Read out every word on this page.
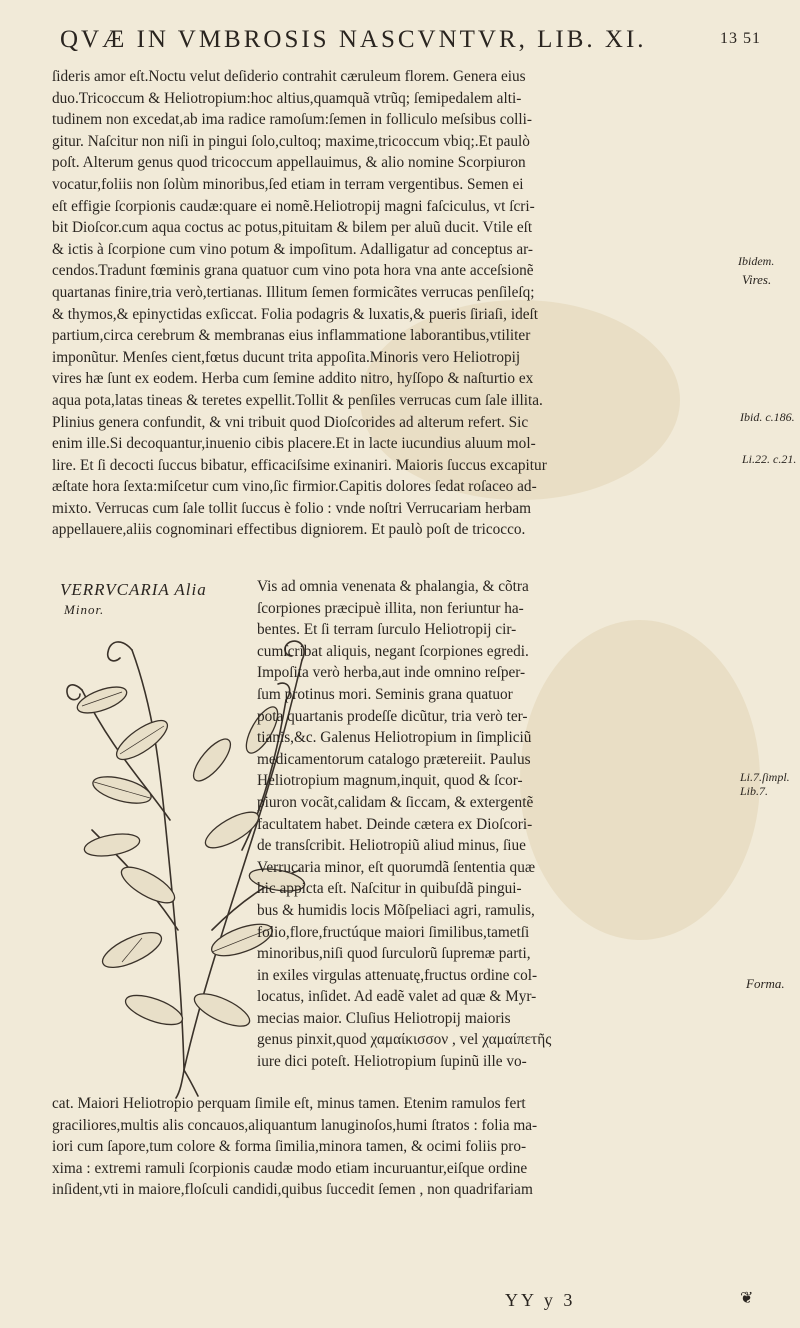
QVÆ IN VMBROSIS NASCVNTVR, LIB. XI.	13 51
ſideris amor eſt.Noctu velut deſiderio contrahit cæruleum florem. Genera eius
duo.Tricoccum & Heliotropium:hoc altius,quamquã vtrũq; ſemipedalem alti-
tudinem non excedat,ab ima radice ramoſum:ſemen in folliculo meſsibus colli-
gitur. Naſcitur non niſi in pingui ſolo,cultoq; maxime,tricoccum vbiq;.Et paulò
poſt. Alterum genus quod tricoccum appellauimus, & alio nomine Scorpiuron
vocatur,foliis non ſolùm minoribus,ſed etiam in terram vergentibus. Semen ei
eſt effigie ſcorpionis caudæ:quare ei nomẽ.Heliotropij magni faſciculus, vt ſcri-
bit Dioſcor.cum aqua coctus ac potus,pituitam & bilem per aluũ ducit. Vtile eſt
& ictis à ſcorpione cum vino potum & impoſitum. Adalligatur ad conceptus ar-
cendos.Tradunt fœminis grana quatuor cum vino pota hora vna ante acceſsionẽ
quartanas finire,tria verò,tertianas. Illitum ſemen formicãtes verrucas penſileſq;
& thymos,& epinyctidas exſiccat. Folia podagris & luxatis,& pueris ſiriaſi, ideſt
partium,circa cerebrum & membranas eius inflammatione laborantibus,vtiliter
imponũtur. Menſes cient,fœtus ducunt trita appoſita.Minoris vero Heliotropij
vires hæ ſunt ex eodem. Herba cum ſemine addito nitro, hyſſopo & naſturtio ex
aqua pota,latas tineas & teretes expellit.Tollit & penſiles verrucas cum ſale illita.
Plinius genera confundit, & vni tribuit quod Dioſcorides ad alterum refert. Sic
enim ille.Si decoquantur,inuenio cibis placere.Et in lacte iucundius aluum mol-
lire. Et ſi decocti ſuccus bibatur, efficaciſsime exinaniri. Maioris ſuccus excapitur
æſtate hora ſexta:miſcetur cum vino,ſic firmior.Capitis dolores ſedat roſaceo ad-
mixto. Verrucas cum ſale tollit ſuccus è folio : vnde noſtri Verrucariam herbam
appellauere,aliis cognominari effectibus digniorem. Et paulò poſt de tricocco.
VERRVCARIA Alia
Minor.
Vis ad omnia venenata & phalangia, & cõtra
ſcorpiones præcipuè illita, non feriuntur ha-
bentes. Et ſi terram ſurculo Heliotropij cir-
cumſcribat aliquis, negant ſcorpiones egredi.
Impoſita verò herba,aut inde omnino reſper-
ſum protinus mori. Seminis grana quatuor
pota quartanis prodeſſe dicũtur, tria verò ter-
tianis,&c. Galenus Heliotropium in ſimpliciũ
medicamentorum catalogo prætereiit. Paulus
Heliotropium magnum,inquit, quod & ſcor-
piuron vocãt,calidam & ſiccam, & extergentẽ
facultatem habet. Deinde cætera ex Dioſcori-
de transſcribit. Heliotropiũ aliud minus, ſiue
Verrucaria minor, eſt quorumdã ſententia quæ
hic appicta eſt. Naſcitur in quibuſdã pingui-
bus & humidis locis Mõſpeliaci agri, ramulis,
folio,flore,fructúque maiori ſimilibus,tametſi
minoribus,niſi quod ſurculorũ ſupremæ parti,
in exiles virgulas attenuatę,fructus ordine col-
locatus, inſidet. Ad eadẽ valet ad quæ & Myr-
mecias maior. Cluſius Heliotropij maioris
genus pinxit,quod χαμαίκισσον , vel χαμαίπετῆς
iure dici poteſt. Heliotropium ſupinũ ille vo-
cat. Maiori Heliotropio perquam ſimile eſt, minus tamen. Etenim ramulos fert
graciliores,multis alis concauos,aliquantum lanuginoſos,humi ſtratos : folia ma-
iori cum ſapore,tum colore & forma ſimilia,minora tamen, & ocimi foliis pro-
xima : extremi ramuli ſcorpionis caudæ modo etiam incuruantur,eiſque ordine
inſident,vti in maiore,floſculi candidi,quibus ſuccedit ſemen , non quadrifariam
YY y 3	❦
Ibidem.
Vires.
Ibid. c.186.
Li.22. c.21.
Li.7.ſimpl.
Lib.7.
Forma.
